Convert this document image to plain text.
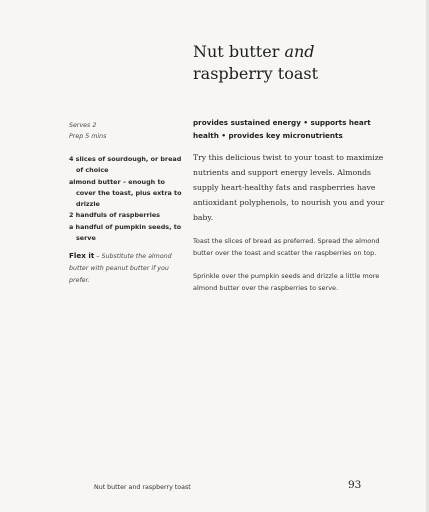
Nut butter and
raspberry toast
Serves 2
Prep 5 mins
4 slices of sourdough, or bread of choice
almond butter – enough to cover the toast, plus extra to drizzle
2 handfuls of raspberries
a handful of pumpkin seeds, to serve
Flex it – Substitute the almond butter with peanut butter if you prefer.
provides sustained energy • supports heart health • provides key micronutrients

Try this delicious twist to your toast to maximize nutrients and support energy levels. Almonds supply heart-healthy fats and raspberries have antioxidant polyphenols, to nourish you and your baby.

Toast the slices of bread as preferred. Spread the almond butter over the toast and scatter the raspberries on top.

Sprinkle over the pumpkin seeds and drizzle a little more almond butter over the raspberries to serve.

Nut butter and raspberry toast	93
